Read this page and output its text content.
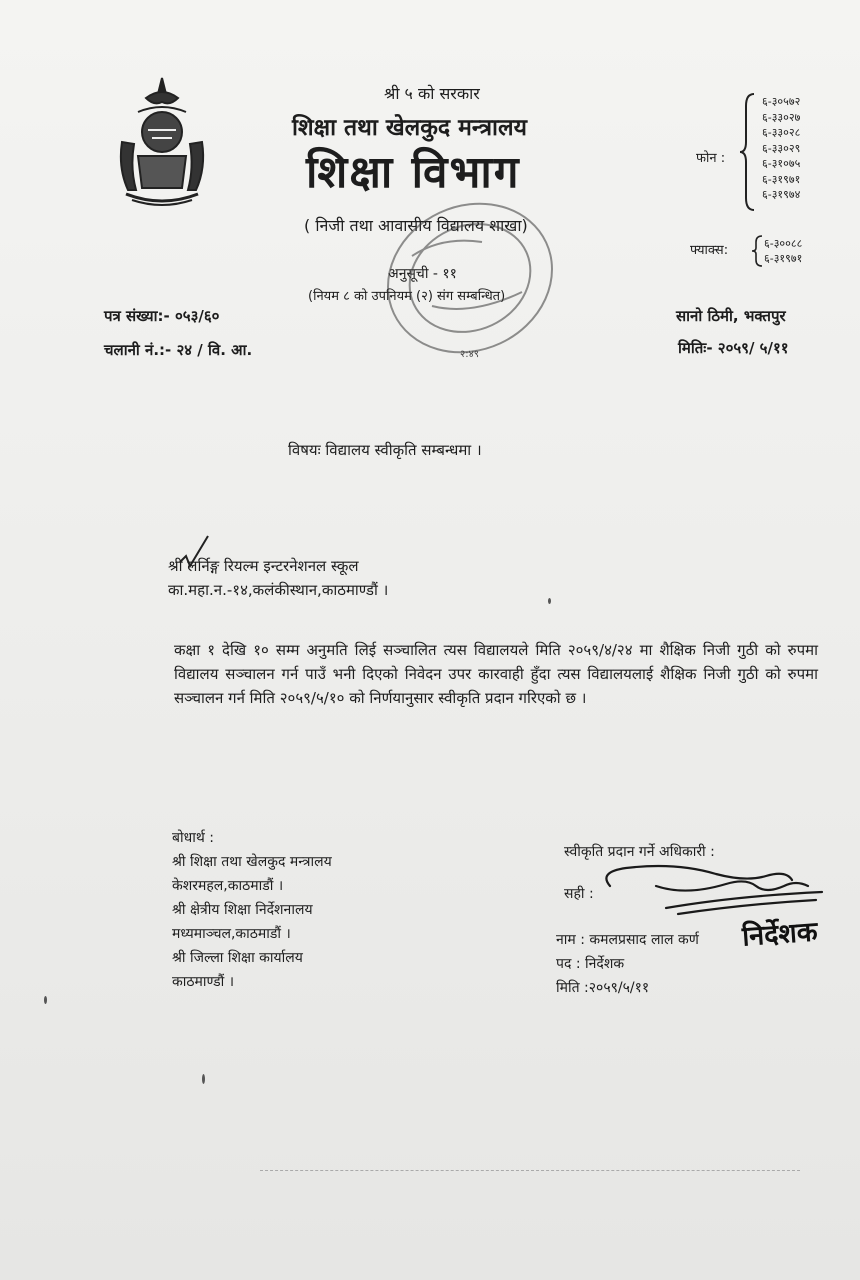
श्री ५ को सरकार
शिक्षा तथा खेलकुद मन्त्रालय
शिक्षा विभाग
( निजी तथा आवासीय विद्यालय शाखा)
अनुसूची - ११
(नियम ८ को उपनियम (२) संग सम्बन्धित)
२:४९
फोन :
६-३०५७२
६-३३०२७
६-३३०२८
६-३३०२९
६-३१०७५
६-३१९७१
६-३१९७४
फ्याक्स:	६-३००८८
६-३१९७१
पत्र संख्या:- ०५३/६०
चलानी नं.:- २४ / वि. आ.
सानो ठिमी, भक्तपुर
मितिः- २०५९/ ५/११
विषयः विद्यालय स्वीकृति सम्बन्धमा ।
श्री लर्निङ्ग रियल्म इन्टरनेशनल स्कूल
का.महा.न.-१४,कलंकीस्थान,काठमाण्डौं ।
कक्षा १ देखि १० सम्म अनुमति लिई सञ्चालित त्यस विद्यालयले मिति २०५९/४/२४ मा शैक्षिक निजी गुठी को रुपमा विद्यालय सञ्चालन गर्न पाउँ भनी दिएको निवेदन उपर कारवाही हुँदा त्यस विद्यालयलाई शैक्षिक निजी गुठी को रुपमा सञ्चालन गर्न मिति २०५९/५/१० को निर्णयानुसार स्वीकृति प्रदान गरिएको छ ।
बोधार्थ :
श्री शिक्षा तथा खेलकुद मन्त्रालय
केशरमहल,काठमाडौं ।
श्री क्षेत्रीय शिक्षा निर्देशनालय
मध्यमाञ्चल,काठमाडौं ।
श्री जिल्ला शिक्षा कार्यालय
काठमाण्डौं ।
स्वीकृति प्रदान गर्ने अधिकारी :
सही :
नाम : कमलप्रसाद लाल कर्ण निर्देशक
पद : निर्देशक
मिति :२०५९/५/११
